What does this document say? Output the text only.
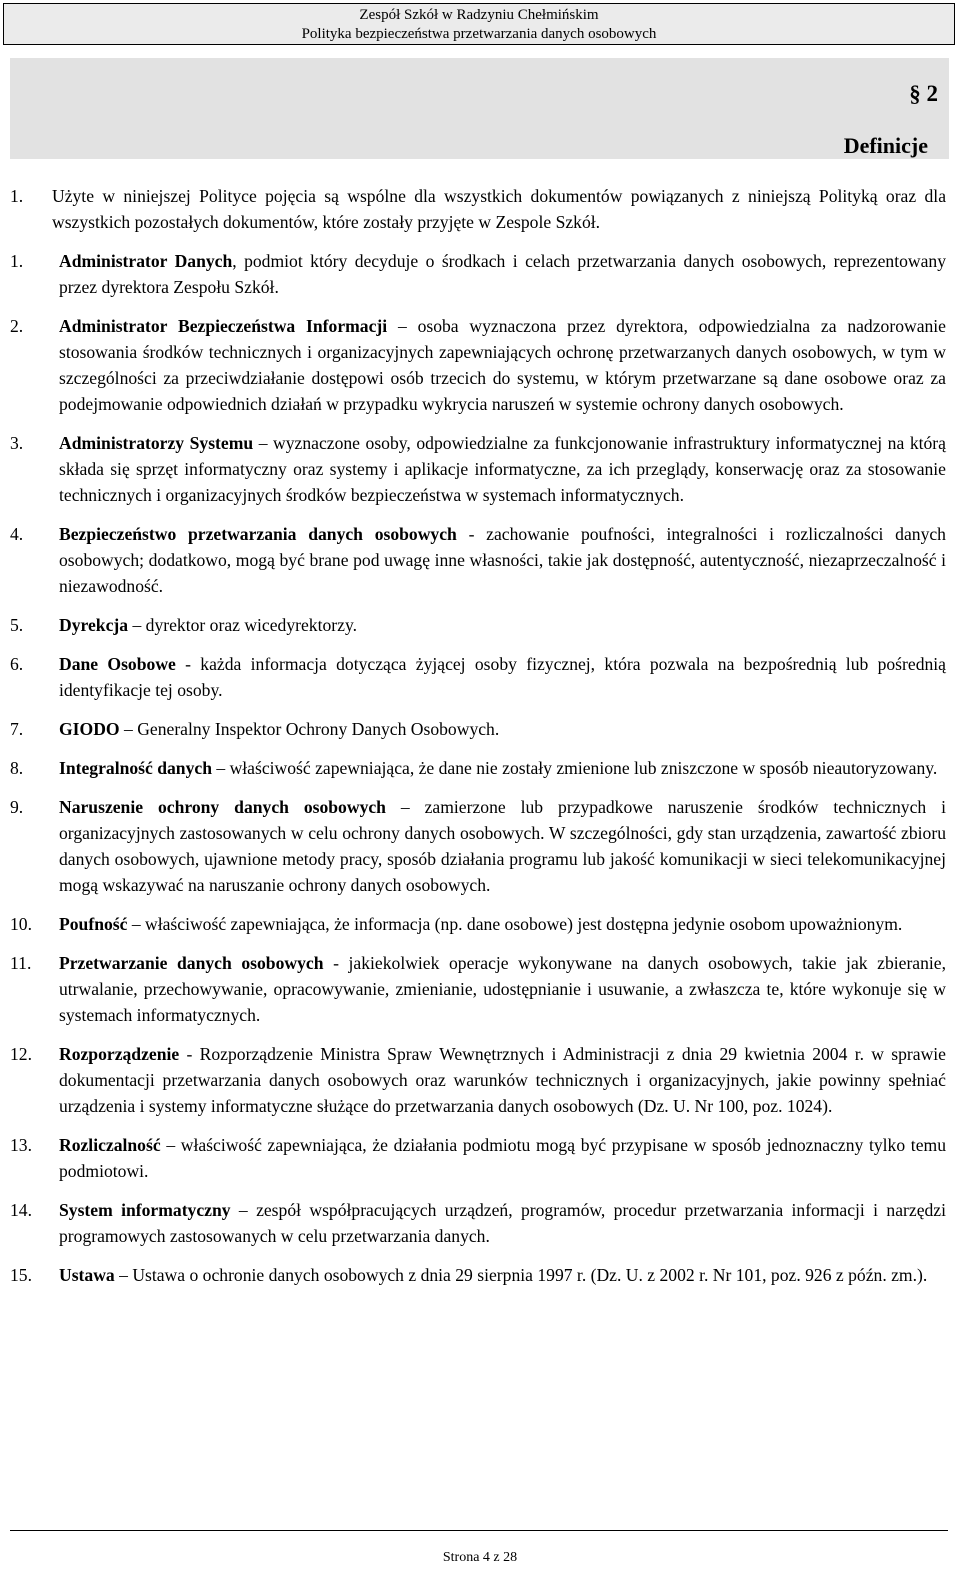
Zespół Szkół w Radzyniu Chełmińskim
Polityka bezpieczeństwa przetwarzania danych osobowych
§ 2
Definicje
1. Użyte w niniejszej Polityce pojęcia są wspólne dla wszystkich dokumentów powiązanych z niniejszą Polityką oraz dla wszystkich pozostałych dokumentów, które zostały przyjęte w Zespole Szkół.
1. Administrator Danych, podmiot który decyduje o środkach i celach przetwarzania danych osobowych, reprezentowany przez dyrektora Zespołu Szkół.
2. Administrator Bezpieczeństwa Informacji – osoba wyznaczona przez dyrektora, odpowiedzialna za nadzorowanie stosowania środków technicznych i organizacyjnych zapewniających ochronę przetwarzanych danych osobowych, w tym w szczególności za przeciwdziałanie dostępowi osób trzecich do systemu, w którym przetwarzane są dane osobowe oraz za podejmowanie odpowiednich działań w przypadku wykrycia naruszeń w systemie ochrony danych osobowych.
3. Administratorzy Systemu – wyznaczone osoby, odpowiedzialne za funkcjonowanie infrastruktury informatycznej na którą składa się sprzęt informatyczny oraz systemy i aplikacje informatyczne, za ich przeglądy, konserwację oraz za stosowanie technicznych i organizacyjnych środków bezpieczeństwa w systemach informatycznych.
4. Bezpieczeństwo przetwarzania danych osobowych - zachowanie poufności, integralności i rozliczalności danych osobowych; dodatkowo, mogą być brane pod uwagę inne własności, takie jak dostępność, autentyczność, niezaprzeczalność i niezawodność.
5. Dyrekcja – dyrektor oraz wicedyrektorzy.
6. Dane Osobowe - każda informacja dotycząca żyjącej osoby fizycznej, która pozwala na bezpośrednią lub pośrednią identyfikacje tej osoby.
7. GIODO – Generalny Inspektor Ochrony Danych Osobowych.
8. Integralność danych – właściwość zapewniająca, że dane nie zostały zmienione lub zniszczone w sposób nieautoryzowany.
9. Naruszenie ochrony danych osobowych – zamierzone lub przypadkowe naruszenie środków technicznych i organizacyjnych zastosowanych w celu ochrony danych osobowych. W szczególności, gdy stan urządzenia, zawartość zbioru danych osobowych, ujawnione metody pracy, sposób działania programu lub jakość komunikacji w sieci telekomunikacyjnej mogą wskazywać na naruszanie ochrony danych osobowych.
10. Poufność – właściwość zapewniająca, że informacja (np. dane osobowe) jest dostępna jedynie osobom upoważnionym.
11. Przetwarzanie danych osobowych - jakiekolwiek operacje wykonywane na danych osobowych, takie jak zbieranie, utrwalanie, przechowywanie, opracowywanie, zmienianie, udostępnianie i usuwanie, a zwłaszcza te, które wykonuje się w systemach informatycznych.
12. Rozporządzenie - Rozporządzenie Ministra Spraw Wewnętrznych i Administracji z dnia 29 kwietnia 2004 r. w sprawie dokumentacji przetwarzania danych osobowych oraz warunków technicznych i organizacyjnych, jakie powinny spełniać urządzenia i systemy informatyczne służące do przetwarzania danych osobowych (Dz. U. Nr 100, poz. 1024).
13. Rozliczalność – właściwość zapewniająca, że działania podmiotu mogą być przypisane w sposób jednoznaczny tylko temu podmiotowi.
14. System informatyczny – zespół współpracujących urządzeń, programów, procedur przetwarzania informacji i narzędzi programowych zastosowanych w celu przetwarzania danych.
15. Ustawa – Ustawa o ochronie danych osobowych z dnia 29 sierpnia 1997 r. (Dz. U. z 2002 r. Nr 101, poz. 926 z późn. zm.).
Strona 4 z 28
